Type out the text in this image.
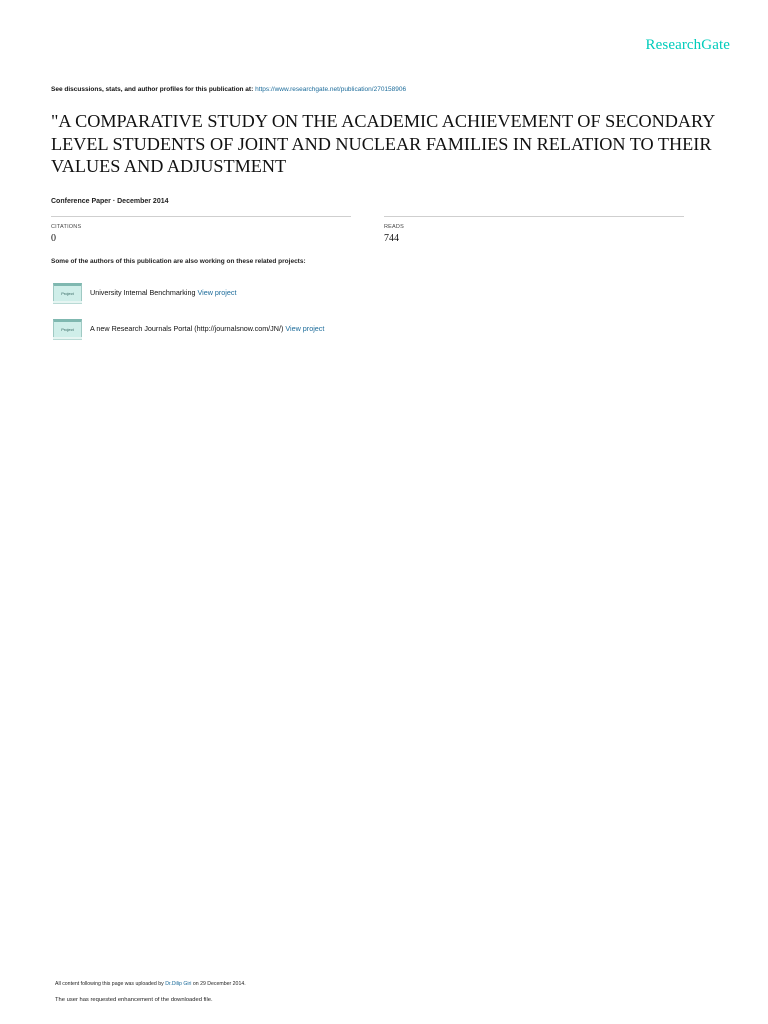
ResearchGate
See discussions, stats, and author profiles for this publication at: https://www.researchgate.net/publication/270158906
"A COMPARATIVE STUDY ON THE ACADEMIC ACHIEVEMENT OF SECONDARY LEVEL STUDENTS OF JOINT AND NUCLEAR FAMILIES IN RELATION TO THEIR VALUES AND ADJUSTMENT
Conference Paper · December 2014
CITATIONS
0
READS
744
Some of the authors of this publication are also working on these related projects:
Project University Internal Benchmarking View project
Project A new Research Journals Portal (http://journalsnow.com/JN/) View project
All content following this page was uploaded by Dr.Dilip Giri on 29 December 2014.
The user has requested enhancement of the downloaded file.
